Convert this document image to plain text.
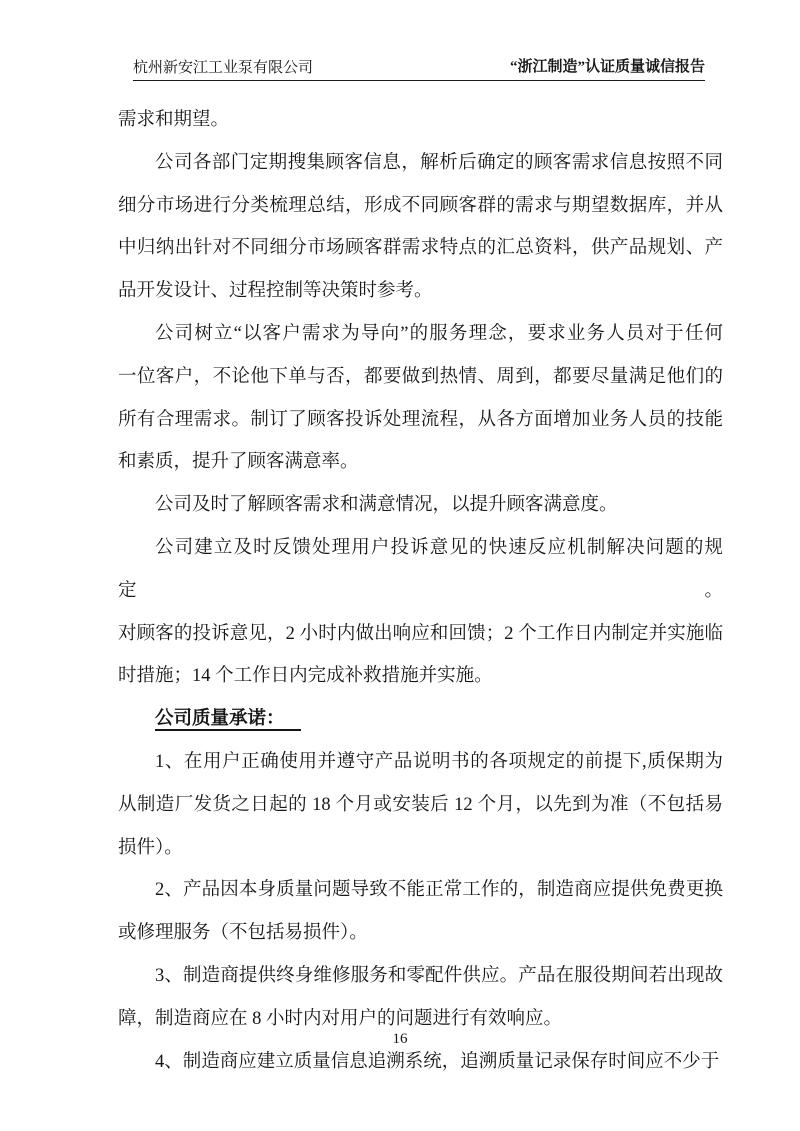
杭州新安江工业泵有限公司	“浙江制造”认证质量诚信报告
需求和期望。
公司各部门定期搜集顾客信息，解析后确定的顾客需求信息按照不同
细分市场进行分类梳理总结，形成不同顾客群的需求与期望数据库，并从
中归纳出针对不同细分市场顾客群需求特点的汇总资料，供产品规划、产
品开发设计、过程控制等决策时参考。
公司树立“以客户需求为导向”的服务理念，要求业务人员对于任何
一位客户，不论他下单与否，都要做到热情、周到，都要尽量满足他们的
所有合理需求。制订了顾客投诉处理流程，从各方面增加业务人员的技能
和素质，提升了顾客满意率。
公司及时了解顾客需求和满意情况，以提升顾客满意度。
公司建立及时反馈处理用户投诉意见的快速反应机制解决问题的规定。
对顾客的投诉意见，2 小时内做出响应和回馈；2 个工作日内制定并实施临
时措施；14 个工作日内完成补救措施并实施。
公司质量承诺：
1、在用户正确使用并遵守产品说明书的各项规定的前提下,质保期为
从制造厂发货之日起的 18 个月或安装后 12 个月，以先到为准（不包括易
损件）。
2、产品因本身质量问题导致不能正常工作的，制造商应提供免费更换
或修理服务（不包括易损件）。
3、制造商提供终身维修服务和零配件供应。产品在服役期间若出现故
障，制造商应在 8 小时内对用户的问题进行有效响应。
4、制造商应建立质量信息追溯系统，追溯质量记录保存时间应不少于
16
